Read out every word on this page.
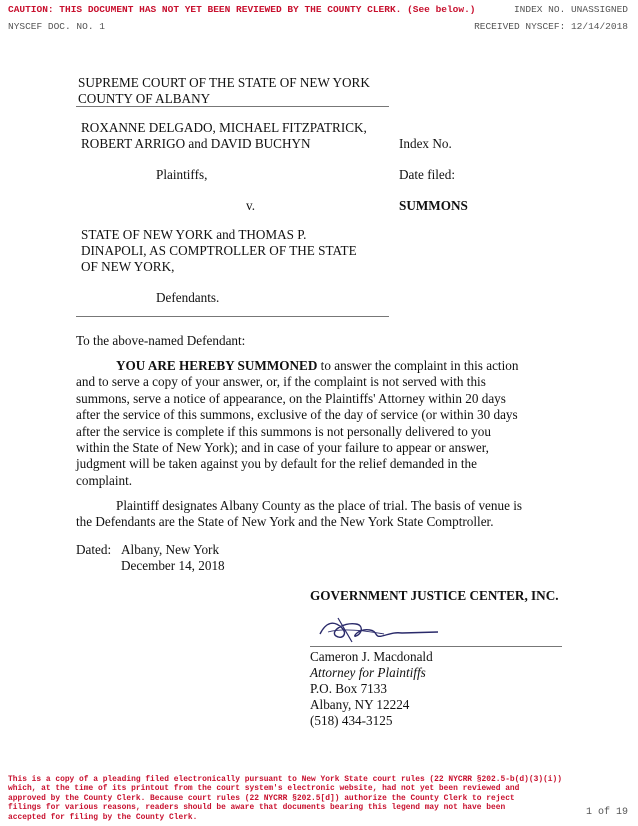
CAUTION: THIS DOCUMENT HAS NOT YET BEEN REVIEWED BY THE COUNTY CLERK. (See below.)	INDEX NO. UNASSIGNED
NYSCEF DOC. NO. 1	RECEIVED NYSCEF: 12/14/2018
SUPREME COURT OF THE STATE OF NEW YORK
COUNTY OF ALBANY
ROXANNE DELGADO, MICHAEL FITZPATRICK,
ROBERT ARRIGO and DAVID BUCHYN
Plaintiffs,
v.
STATE OF NEW YORK and THOMAS P.
DINAPOLI, AS COMPTROLLER OF THE STATE
OF NEW YORK,
Defendants.
Index No.
Date filed:
SUMMONS
To the above-named Defendant:
YOU ARE HEREBY SUMMONED to answer the complaint in this action
and to serve a copy of your answer, or, if the complaint is not served with this
summons, serve a notice of appearance, on the Plaintiffs' Attorney within 20 days
after the service of this summons, exclusive of the day of service (or within 30 days
after the service is complete if this summons is not personally delivered to you
within the State of New York); and in case of your failure to appear or answer,
judgment will be taken against you by default for the relief demanded in the
complaint.
Plaintiff designates Albany County as the place of trial. The basis of venue is
the Defendants are the State of New York and the New York State Comptroller.
Dated: Albany, New York
December 14, 2018
GOVERNMENT JUSTICE CENTER, INC.
Cameron J. Macdonald
Attorney for Plaintiffs
P.O. Box 7133
Albany, NY 12224
(518) 434-3125
This is a copy of a pleading filed electronically pursuant to New York State court rules (22 NYCRR §202.5-b(d)(3)(i))
which, at the time of its printout from the court system's electronic website, had not yet been reviewed and
approved by the County Clerk. Because court rules (22 NYCRR §202.5[d]) authorize the County Clerk to reject
filings for various reasons, readers should be aware that documents bearing this legend may not have been
accepted for filing by the County Clerk.	1 of 19
